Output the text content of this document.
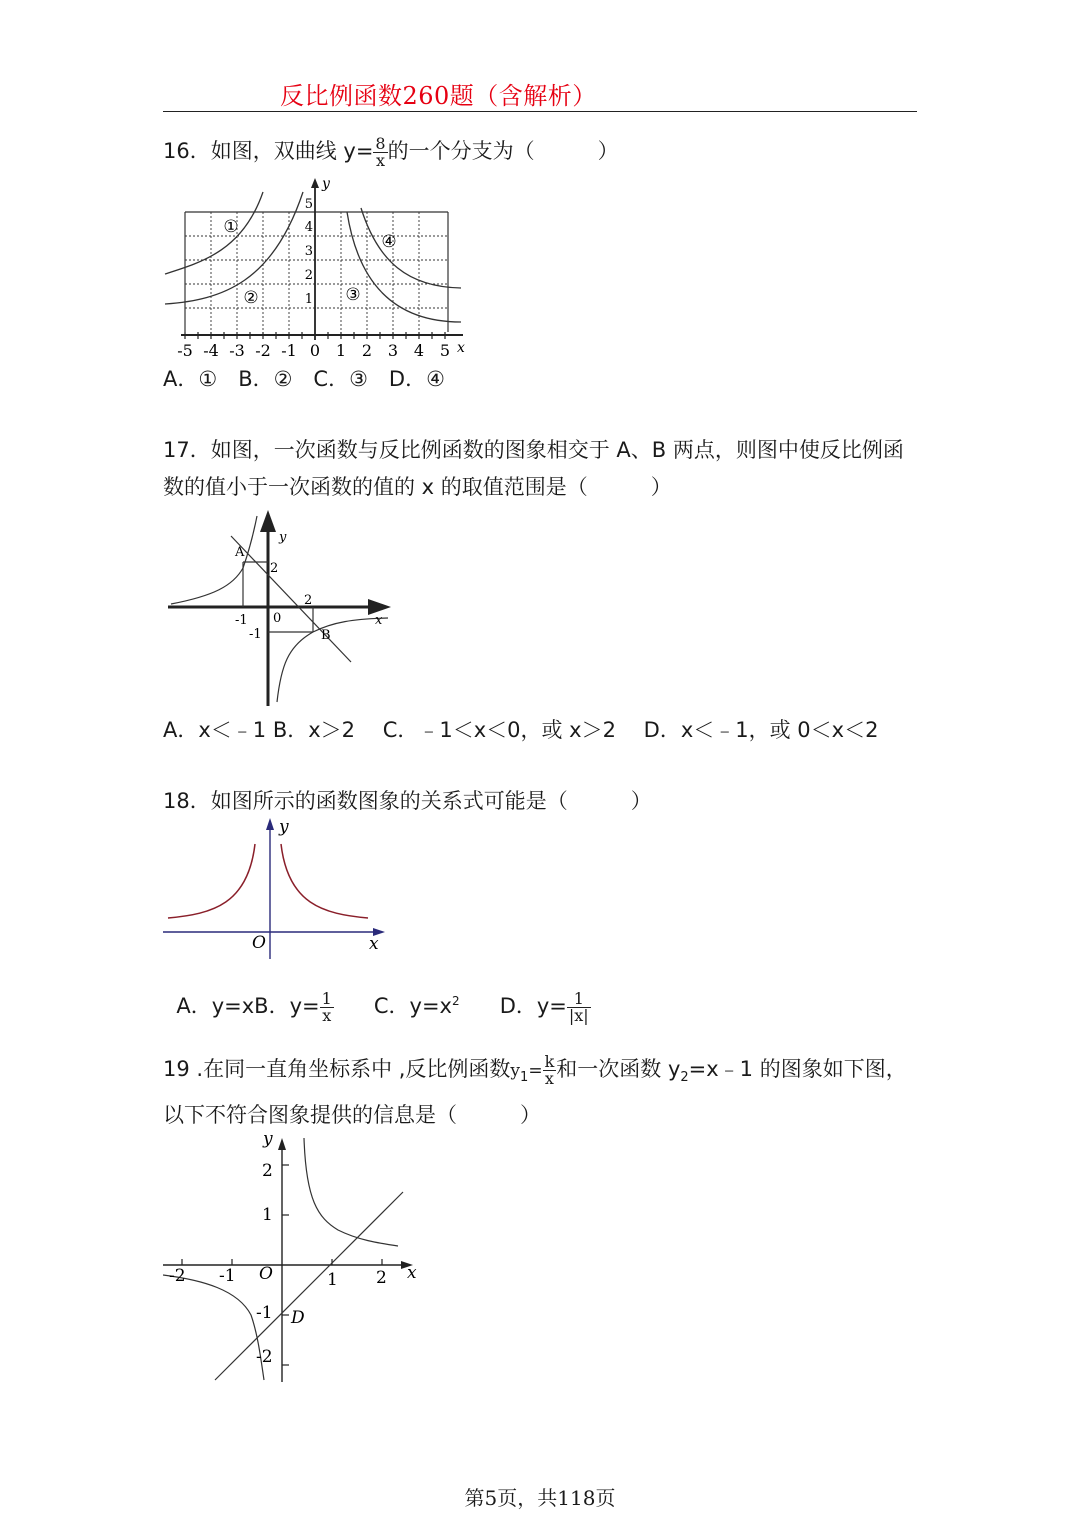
反比例函数260题（含解析）
16．如图，双曲线 $y= \frac{8}{x}$ 的一个分支为（　　　）
y
x
-5 -4 -3 -2 -1 0 1 2 3 4 5
1
2
3
4
5
①
②	③
④
A．①　B．②　C．③　D．④
17．如图，一次函数与反比例函数的图象相交于 A、B 两点，则图中使反比例函
数的值小于一次函数的值的 x 的取值范围是（　　　）
A
B
y
x
2
2
-1
-1
0
A．x＜﹣1 B．x＞2　 C．﹣1＜x＜0，或 x＞2　 D．x＜﹣1，或 0＜x＜2
18．如图所示的函数图象的关系式可能是（　　　）
y
x
O

A．y=xB．$y= \frac{1}{x}$ C．$y=x^2$ D．$y= \frac{1}{|x|}$

19 .在同一直角坐标系中 ,反比例函数$y_1= \frac{k}{x}$ 和一次函数 $y_2=x﹣1$ 的图象如下图，
以下不符合图象提供的信息是（　　　）
y
x
O
D
-2 -1	1 2
2
1
-1
-2
第5页，共118页
